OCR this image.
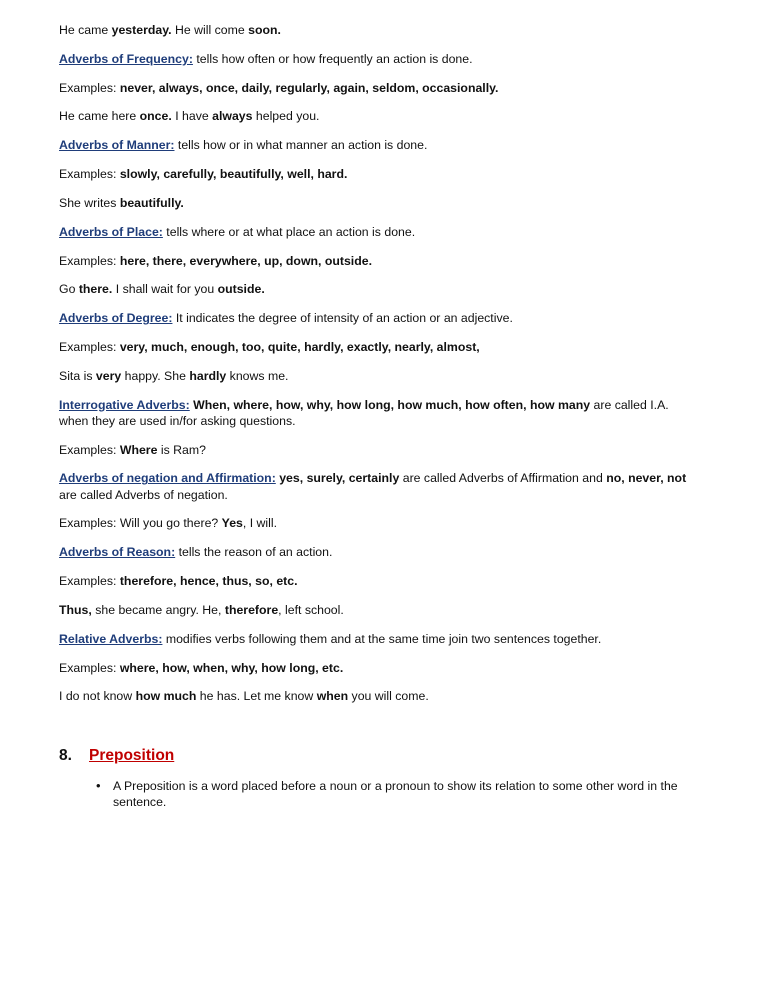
He came yesterday. He will come soon.

Adverbs of Frequency: tells how often or how frequently an action is done.

Examples: never, always, once, daily, regularly, again, seldom, occasionally.

He came here once. I have always helped you.

Adverbs of Manner: tells how or in what manner an action is done.

Examples: slowly, carefully, beautifully, well, hard.

She writes beautifully.

Adverbs of Place: tells where or at what place an action is done.

Examples: here, there, everywhere, up, down, outside.

Go there. I shall wait for you outside.

Adverbs of Degree: It indicates the degree of intensity of an action or an adjective.

Examples: very, much, enough, too, quite, hardly, exactly, nearly, almost,

Sita is very happy. She hardly knows me.

Interrogative Adverbs: When, where, how, why, how long, how much, how often, how many are called I.A. when they are used in/for asking questions.

Examples: Where is Ram?

Adverbs of negation and Affirmation: yes, surely, certainly are called Adverbs of Affirmation and no, never, not are called Adverbs of negation.

Examples: Will you go there? Yes, I will.

Adverbs of Reason: tells the reason of an action.

Examples: therefore, hence, thus, so, etc.

Thus, she became angry. He, therefore, left school.

Relative Adverbs: modifies verbs following them and at the same time join two sentences together.

Examples: where, how, when, why, how long, etc.

I do not know how much he has. Let me know when you will come.

8. Preposition
• A Preposition is a word placed before a noun or a pronoun to show its relation to some other word in the sentence.
